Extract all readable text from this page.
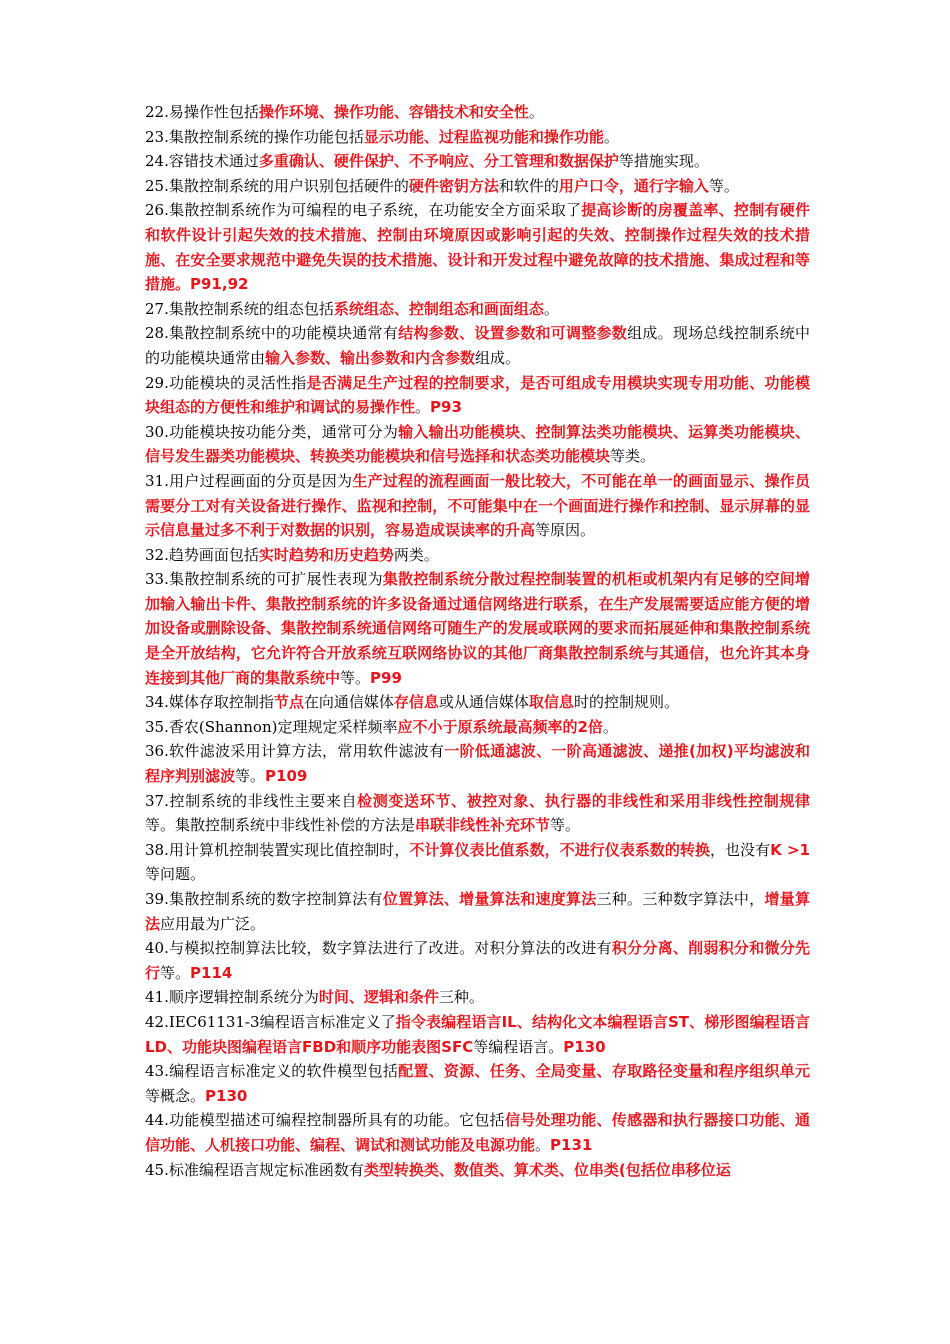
22.易操作性包括操作环境、操作功能、容错技术和安全性。

23.集散控制系统的操作功能包括显示功能、过程监视功能和操作功能。

24.容错技术通过多重确认、硬件保护、不予响应、分工管理和数据保护等措施实现。

25.集散控制系统的用户识别包括硬件的硬件密钥方法和软件的用户口令，通行字输入等。

26.集散控制系统作为可编程的电子系统，在功能安全方面采取了提高诊断的房覆盖率、控制有硬件和软件设计引起失效的技术措施、控制由环境原因或影响引起的失效、控制操作过程失效的技术措施、在安全要求规范中避免失误的技术措施、设计和开发过程中避免故障的技术措施、集成过程和等措施。P91,92

27.集散控制系统的组态包括系统组态、控制组态和画面组态。

28.集散控制系统中的功能模块通常有结构参数、设置参数和可调整参数组成。现场总线控制系统中的功能模块通常由输入参数、输出参数和内含参数组成。

29.功能模块的灵活性指是否满足生产过程的控制要求，是否可组成专用模块实现专用功能、功能模块组态的方便性和维护和调试的易操作性。P93

30.功能模块按功能分类，通常可分为输入输出功能模块、控制算法类功能模块、运算类功能模块、信号发生器类功能模块、转换类功能模块和信号选择和状态类功能模块等类。

31.用户过程画面的分页是因为生产过程的流程画面一般比较大，不可能在单一的画面显示、操作员需要分工对有关设备进行操作、监视和控制，不可能集中在一个画面进行操作和控制、显示屏幕的显示信息量过多不利于对数据的识别，容易造成误读率的升高等原因。

32.趋势画面包括实时趋势和历史趋势两类。

33.集散控制系统的可扩展性表现为集散控制系统分散过程控制装置的机柜或机架内有足够的空间增加输入输出卡件、集散控制系统的许多设备通过通信网络进行联系，在生产发展需要适应能方便的增加设备或删除设备、集散控制系统通信网络可随生产的发展或联网的要求而拓展延伸和集散控制系统是全开放结构，它允许符合开放系统互联网络协议的其他厂商集散控制系统与其通信，也允许其本身连接到其他厂商的集散系统中等。P99

34.媒体存取控制指节点在向通信媒体存信息或从通信媒体取信息时的控制规则。

35.香农(Shannon)定理规定采样频率应不小于原系统最高频率的2倍。

36.软件滤波采用计算方法，常用软件滤波有一阶低通滤波、一阶高通滤波、递推(加权)平均滤波和程序判别滤波等。P109

37.控制系统的非线性主要来自检测变送环节、被控对象、执行器的非线性和采用非线性控制规律等。集散控制系统中非线性补偿的方法是串联非线性补充环节等。

38.用计算机控制装置实现比值控制时，不计算仪表比值系数，不进行仪表系数的转换，也没有K >1等问题。

39.集散控制系统的数字控制算法有位置算法、增量算法和速度算法三种。三种数字算法中，增量算法应用最为广泛。

40.与模拟控制算法比较，数字算法进行了改进。对积分算法的改进有积分分离、削弱积分和微分先行等。P114

41.顺序逻辑控制系统分为时间、逻辑和条件三种。

42.IEC61131-3编程语言标准定义了指令表编程语言IL、结构化文本编程语言ST、梯形图编程语言LD、功能块图编程语言FBD和顺序功能表图SFC等编程语言。P130

43.编程语言标准定义的软件模型包括配置、资源、任务、全局变量、存取路径变量和程序组织单元等概念。P130

44.功能模型描述可编程控制器所具有的功能。它包括信号处理功能、传感器和执行器接口功能、通信功能、人机接口功能、编程、调试和测试功能及电源功能。P131

45.标准编程语言规定标准函数有类型转换类、数值类、算术类、位串类(包括位串移位运
